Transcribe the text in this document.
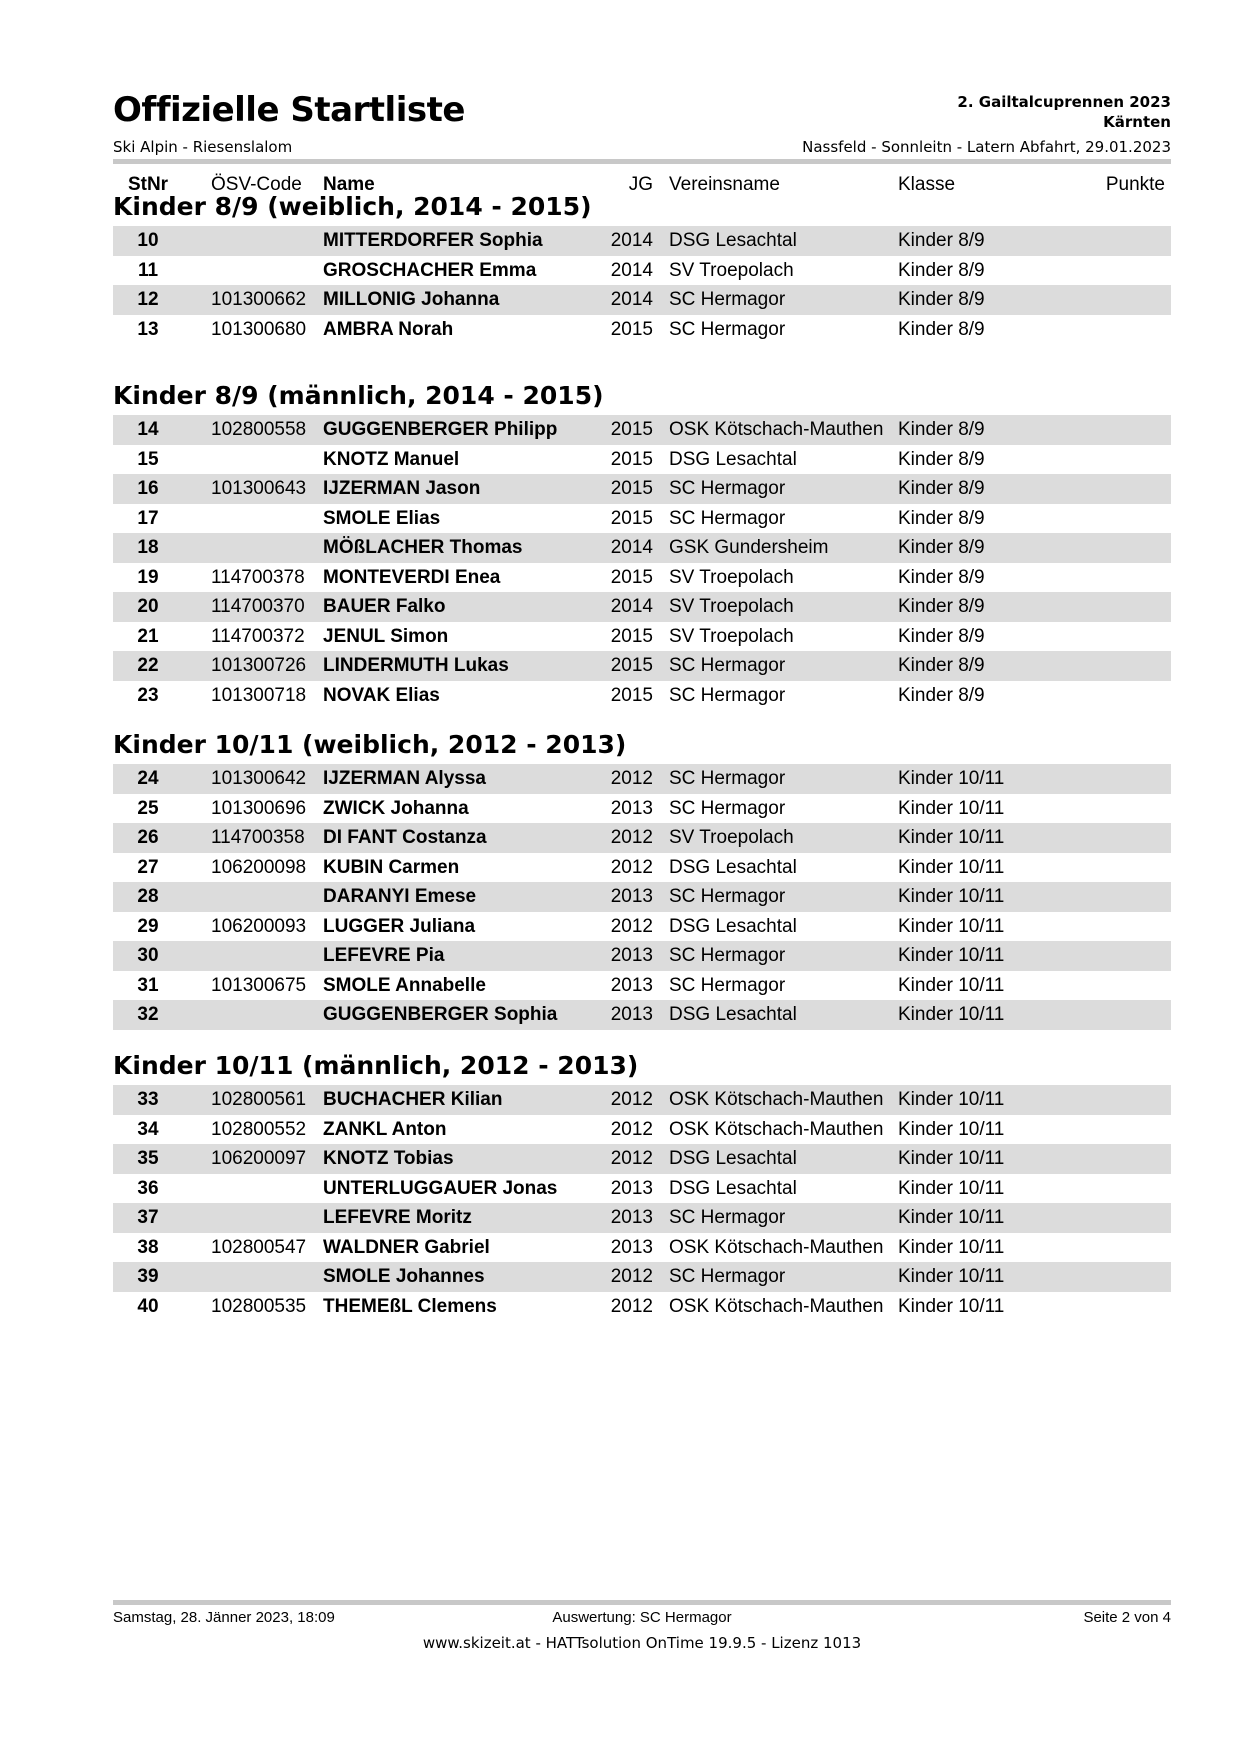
Offizielle Startliste
Ski Alpin - Riesenslalom
2. Gailtalcuprennen 2023
Kärnten
Nassfeld - Sonnleitn - Latern Abfahrt, 29.01.2023
StNr	ÖSV-Code Name	JG Vereinsname	Klasse	Punkte
Kinder 8/9 (weiblich, 2014 - 2015)
10	MITTERDORFER Sophia	2014 DSG Lesachtal	Kinder 8/9
11	GROSCHACHER Emma	2014 SV Troepolach	Kinder 8/9
12	101300662 MILLONIG Johanna	2014 SC Hermagor	Kinder 8/9
13	101300680 AMBRA Norah	2015 SC Hermagor	Kinder 8/9
Kinder 8/9 (männlich, 2014 - 2015)
14	102800558 GUGGENBERGER Philipp	2015 OSK Kötschach-Mauthen Kinder 8/9
15	KNOTZ Manuel	2015 DSG Lesachtal	Kinder 8/9
16	101300643 IJZERMAN Jason	2015 SC Hermagor	Kinder 8/9
17	SMOLE Elias	2015 SC Hermagor	Kinder 8/9
18	MÖßLACHER Thomas	2014 GSK Gundersheim	Kinder 8/9
19	114700378 MONTEVERDI Enea	2015 SV Troepolach	Kinder 8/9
20	114700370 BAUER Falko	2014 SV Troepolach	Kinder 8/9
21	114700372 JENUL Simon	2015 SV Troepolach	Kinder 8/9
22	101300726 LINDERMUTH Lukas	2015 SC Hermagor	Kinder 8/9
23	101300718 NOVAK Elias	2015 SC Hermagor	Kinder 8/9
Kinder 10/11 (weiblich, 2012 - 2013)
24	101300642 IJZERMAN Alyssa	2012 SC Hermagor	Kinder 10/11
25	101300696 ZWICK Johanna	2013 SC Hermagor	Kinder 10/11
26	114700358 DI FANT Costanza	2012 SV Troepolach	Kinder 10/11
27	106200098 KUBIN Carmen	2012 DSG Lesachtal	Kinder 10/11
28	DARANYI Emese	2013 SC Hermagor	Kinder 10/11
29	106200093 LUGGER Juliana	2012 DSG Lesachtal	Kinder 10/11
30	LEFEVRE Pia	2013 SC Hermagor	Kinder 10/11
31	101300675 SMOLE Annabelle	2013 SC Hermagor	Kinder 10/11
32	GUGGENBERGER Sophia	2013 DSG Lesachtal	Kinder 10/11
Kinder 10/11 (männlich, 2012 - 2013)
33	102800561 BUCHACHER Kilian	2012 OSK Kötschach-Mauthen Kinder 10/11
34	102800552 ZANKL Anton	2012 OSK Kötschach-Mauthen Kinder 10/11
35	106200097 KNOTZ Tobias	2012 DSG Lesachtal	Kinder 10/11
36	UNTERLUGGAUER Jonas	2013 DSG Lesachtal	Kinder 10/11
37	LEFEVRE Moritz	2013 SC Hermagor	Kinder 10/11
38	102800547 WALDNER Gabriel	2013 OSK Kötschach-Mauthen Kinder 10/11
39	SMOLE Johannes	2012 SC Hermagor	Kinder 10/11
40	102800535 THEMEßL Clemens	2012 OSK Kötschach-Mauthen Kinder 10/11
Samstag, 28. Jänner 2023, 18:09	Auswertung: SC Hermagor	Seite 2 von 4
www.skizeit.at - HATTsolution OnTime 19.9.5 - Lizenz 1013
